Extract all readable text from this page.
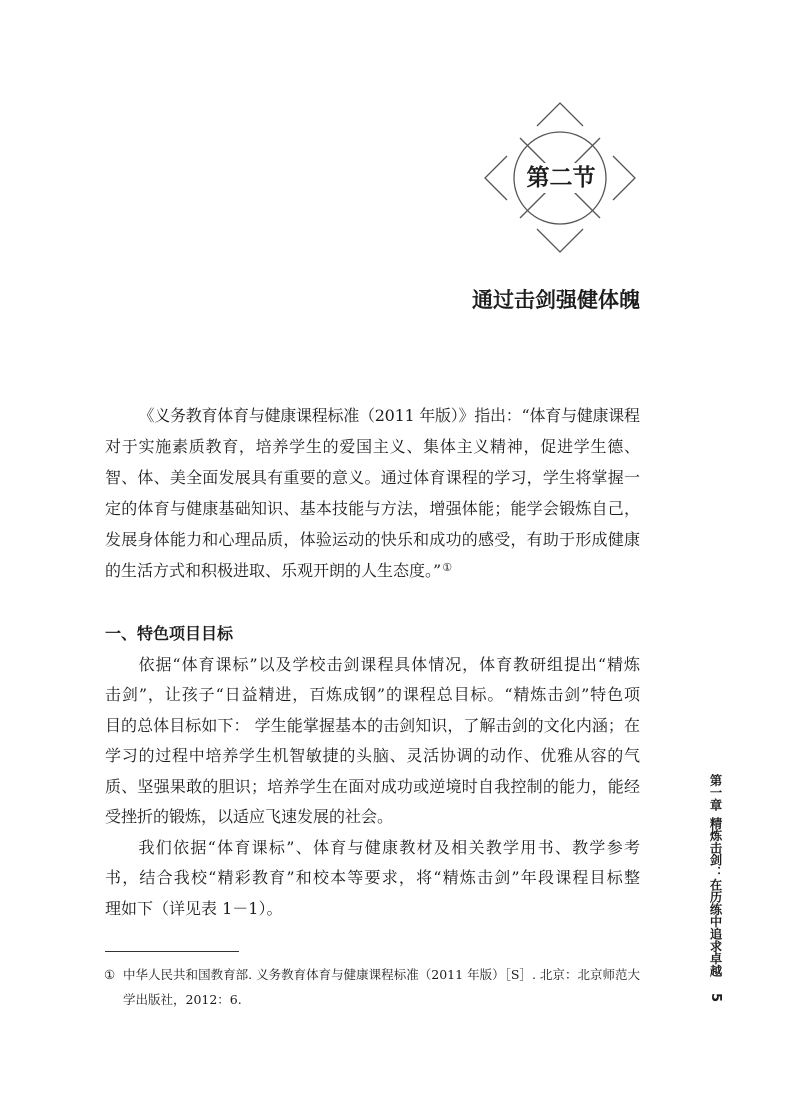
第二节
通过击剑强健体魄
《义务教育体育与健康课程标准（2011 年版）》指出：“体育与健康课程
对于实施素质教育，培养学生的爱国主义、集体主义精神，促进学生德、
智、体、美全面发展具有重要的意义。通过体育课程的学习，学生将掌握一
定的体育与健康基础知识、基本技能与方法，增强体能；能学会锻炼自己，
发展身体能力和心理品质，体验运动的快乐和成功的感受，有助于形成健康
的生活方式和积极进取、乐观开朗的人生态度。”①
一、特色项目目标
依据“体育课标”以及学校击剑课程具体情况，体育教研组提出“精炼
击剑”，让孩子“日益精进，百炼成钢”的课程总目标。“精炼击剑”特色项
目的总体目标如下： 学生能掌握基本的击剑知识，了解击剑的文化内涵；在
学习的过程中培养学生机智敏捷的头脑、灵活协调的动作、优雅从容的气
质、坚强果敢的胆识；培养学生在面对成功或逆境时自我控制的能力，能经
受挫折的锻炼，以适应飞速发展的社会。
我们依据“体育课标”、体育与健康教材及相关教学用书、教学参考
书，结合我校“精彩教育”和校本等要求，将“精炼击剑”年段课程目标整
理如下（详见表 1－1）。
① 中华人民共和国教育部. 义务教育体育与健康课程标准（2011 年版）［S］. 北京：北京师范大
学出版社，2012：6.
第一章精炼击剑：在历练中追求卓越
5
